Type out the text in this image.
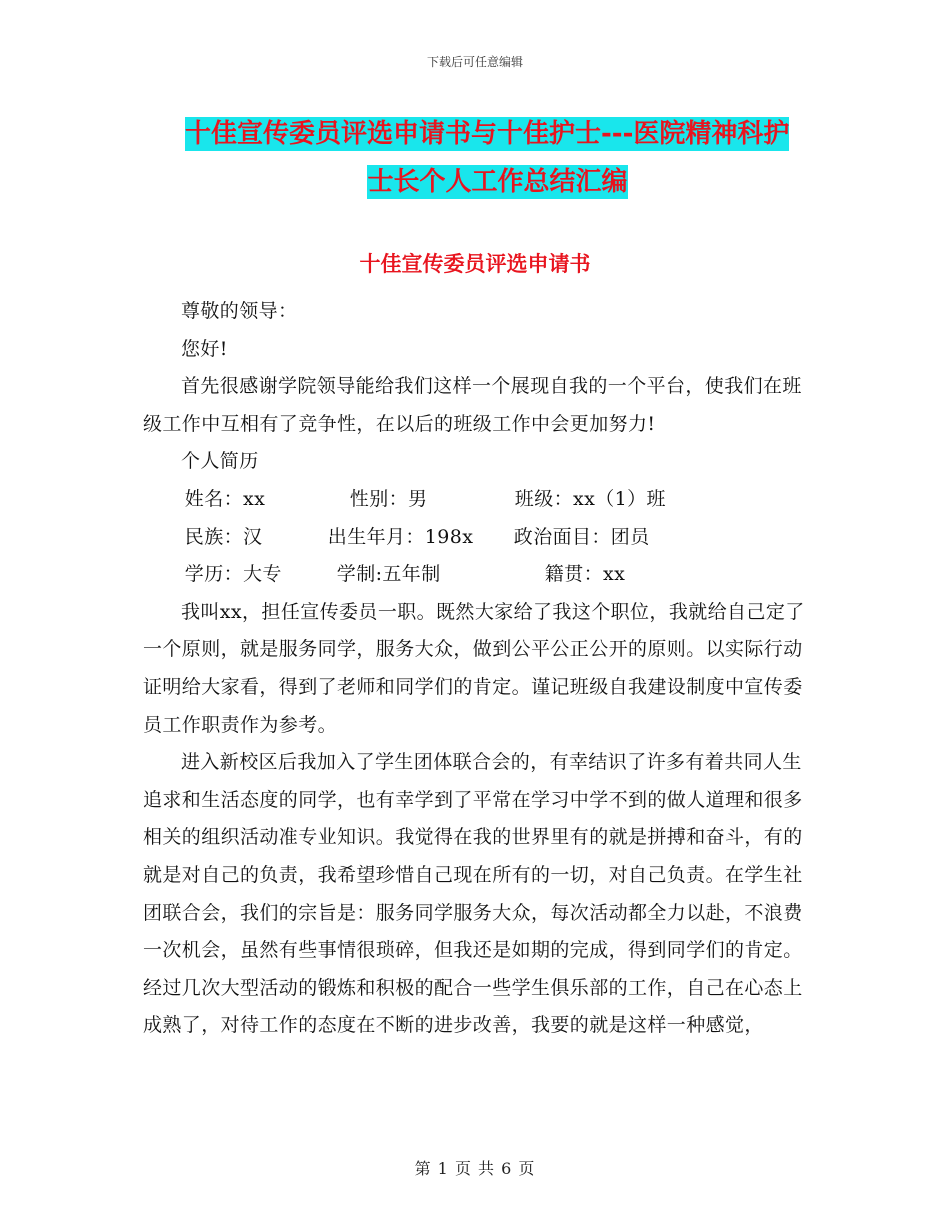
下载后可任意编辑
十佳宣传委员评选申请书与十佳护士---医院精神科护
士长个人工作总结汇编
十佳宣传委员评选申请书

尊敬的领导：

您好!

首先很感谢学院领导能给我们这样一个展现自我的一个平台，使我们在班级工作中互相有了竞争性，在以后的班级工作中会更加努力!

个人简历

姓名：xx	性别：男	班级：xx（1）班
民族：汉	出生年月：198x	政治面目：团员
学历：大专	学制:五年制	籍贯：xx

我叫xx，担任宣传委员一职。既然大家给了我这个职位，我就给自己定了一个原则，就是服务同学，服务大众，做到公平公正公开的原则。以实际行动证明给大家看，得到了老师和同学们的肯定。谨记班级自我建设制度中宣传委员工作职责作为参考。

进入新校区后我加入了学生团体联合会的，有幸结识了许多有着共同人生追求和生活态度的同学，也有幸学到了平常在学习中学不到的做人道理和很多相关的组织活动准专业知识。我觉得在我的世界里有的就是拼搏和奋斗，有的就是对自己的负责，我希望珍惜自己现在所有的一切，对自己负责。在学生社团联合会，我们的宗旨是：服务同学服务大众，每次活动都全力以赴，不浪费一次机会，虽然有些事情很琐碎，但我还是如期的完成，得到同学们的肯定。经过几次大型活动的锻炼和积极的配合一些学生俱乐部的工作，自己在心态上成熟了，对待工作的态度在不断的进步改善，我要的就是这样一种感觉，

第 1 页 共 6 页
